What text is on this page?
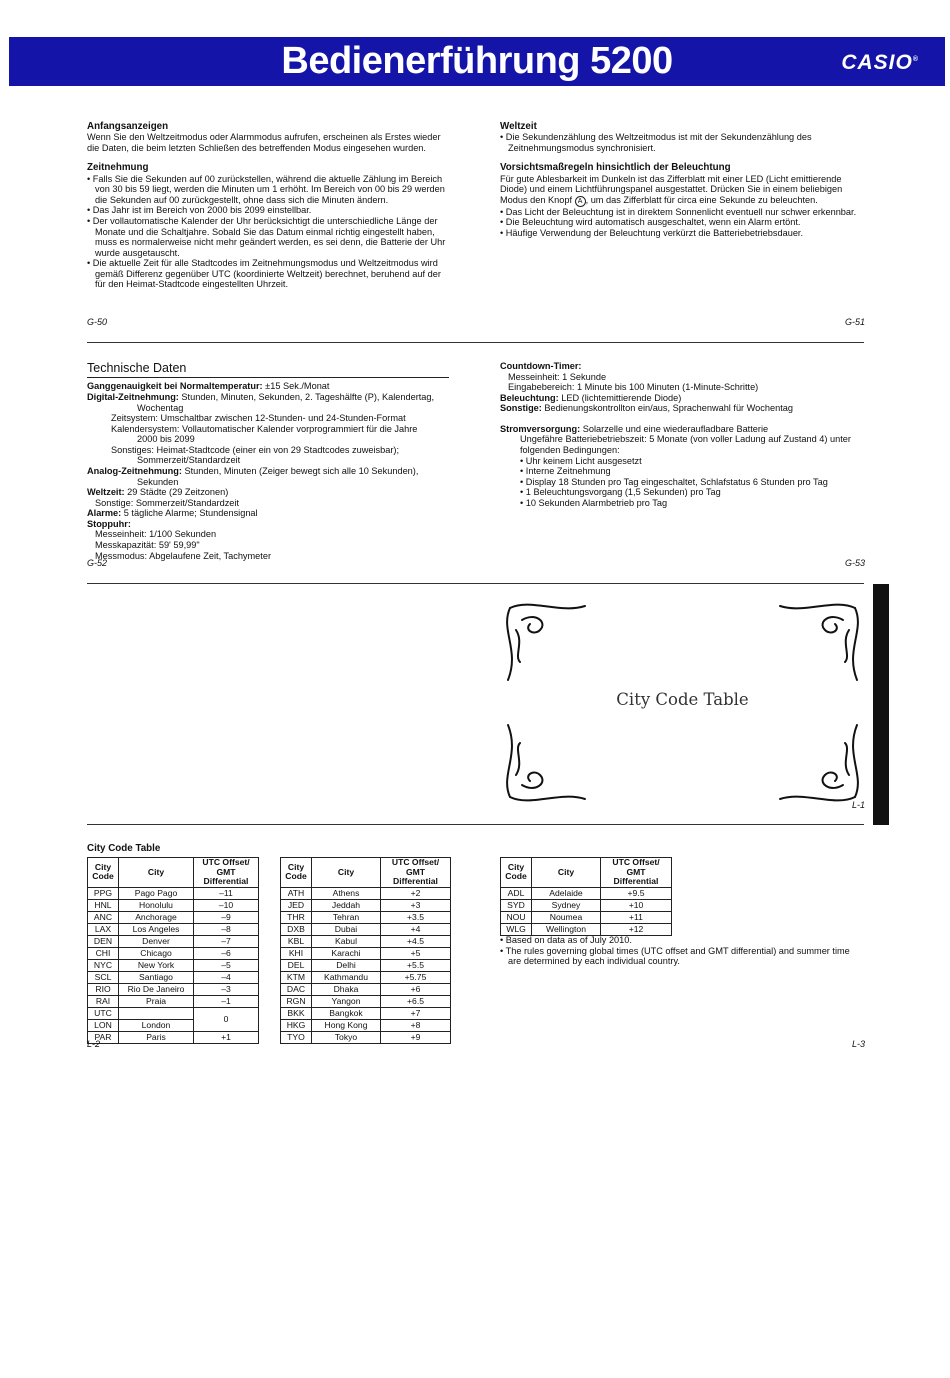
Bedienerführung 5200	CASIO®

Anfangsanzeigen

Wenn Sie den Weltzeitmodus oder Alarmmodus aufrufen, erscheinen als Erstes wieder die Daten, die beim letzten Schließen des betreffenden Modus eingesehen wurden.

Zeitnehmung

• Falls Sie die Sekunden auf 00 zurückstellen, während die aktuelle Zählung im Bereich von 30 bis 59 liegt, werden die Minuten um 1 erhöht. Im Bereich von 00 bis 29 werden die Sekunden auf 00 zurückgestellt, ohne dass sich die Minuten ändern.
• Das Jahr ist im Bereich von 2000 bis 2099 einstellbar.
• Der vollautomatische Kalender der Uhr berücksichtigt die unterschiedliche Länge der Monate und die Schaltjahre. Sobald Sie das Datum einmal richtig eingestellt haben, muss es normalerweise nicht mehr geändert werden, es sei denn, die Batterie der Uhr wurde ausgetauscht.
• Die aktuelle Zeit für alle Stadtcodes im Zeitnehmungsmodus und Weltzeitmodus wird gemäß Differenz gegenüber UTC (koordinierte Weltzeit) berechnet, beruhend auf der für den Heimat-Stadtcode eingestellten Uhrzeit.
G-50

Weltzeit

• Die Sekundenzählung des Weltzeitmodus ist mit der Sekundenzählung des Zeitnehmungsmodus synchronisiert.

Vorsichtsmaßregeln hinsichtlich der Beleuchtung

Für gute Ablesbarkeit im Dunkeln ist das Zifferblatt mit einer LED (Licht emittierende Diode) und einem Lichtführungspanel ausgestattet. Drücken Sie in einem beliebigen Modus den Knopf A , um das Zifferblatt für circa eine Sekunde zu beleuchten.

• Das Licht der Beleuchtung ist in direktem Sonnenlicht eventuell nur schwer erkennbar.
• Die Beleuchtung wird automatisch ausgeschaltet, wenn ein Alarm ertönt.
• Häufige Verwendung der Beleuchtung verkürzt die Batteriebetriebsdauer.
G-51

Technische Daten

Ganggenauigkeit bei Normaltemperatur: ±15 Sek./Monat
Digital-Zeitnehmung: Stunden, Minuten, Sekunden, 2. Tageshälfte (P), Kalendertag,
Wochentag
Zeitsystem: Umschaltbar zwischen 12-Stunden- und 24-Stunden-Format
Kalendersystem: Vollautomatischer Kalender vorprogrammiert für die Jahre
2000 bis 2099
Sonstiges: Heimat-Stadtcode (einer ein von 29 Stadtcodes zuweisbar);
Sommerzeit/Standardzeit
Analog-Zeitnehmung: Stunden, Minuten (Zeiger bewegt sich alle 10 Sekunden),
Sekunden
Weltzeit: 29 Städte (29 Zeitzonen)
Sonstige: Sommerzeit/Standardzeit
Alarme: 5 tägliche Alarme; Stundensignal
Stoppuhr:
Messeinheit: 1/100 Sekunden
Messkapazität: 59' 59,99"
Messmodus: Abgelaufene Zeit, Tachymeter
G-52
Countdown-Timer:
Messeinheit: 1 Sekunde
Eingabebereich: 1 Minute bis 100 Minuten (1-Minute-Schritte)
Beleuchtung: LED (lichtemittierende Diode)
Sonstige: Bedienungskontrollton ein/aus, Sprachenwahl für Wochentag
Stromversorgung: Solarzelle und eine wiederaufladbare Batterie
Ungefähre Batteriebetriebszeit: 5 Monate (von voller Ladung auf Zustand 4) unter
folgenden Bedingungen:
• Uhr keinem Licht ausgesetzt
• Interne Zeitnehmung
• Display 18 Stunden pro Tag eingeschaltet, Schlafstatus 6 Stunden pro Tag
• 1 Beleuchtungsvorgang (1,5 Sekunden) pro Tag
• 10 Sekunden Alarmbetrieb pro Tag
G-53
City Code Table
L-1

City Code Table

City Code	City	UTC Offset/ GMT Differential
PPG	Pago Pago	–11
HNL	Honolulu	–10
ANC	Anchorage	–9
LAX	Los Angeles	–8
DEN	Denver	–7
CHI	Chicago	–6
NYC	New York	–5
SCL	Santiago	–4
RIO	Rio De Janeiro	–3
RAI	Praia	–1
UTC		0
LON	London	
PAR	Paris	+1
City Code	City	UTC Offset/ GMT Differential
ATH	Athens	+2
JED	Jeddah	+3
THR	Tehran	+3.5
DXB	Dubai	+4
KBL	Kabul	+4.5
KHI	Karachi	+5
DEL	Delhi	+5.5
KTM	Kathmandu	+5.75
DAC	Dhaka	+6
RGN	Yangon	+6.5
BKK	Bangkok	+7
HKG	Hong Kong	+8
TYO	Tokyo	+9
L-2
City Code	City	UTC Offset/ GMT Differential
ADL	Adelaide	+9.5
SYD	Sydney	+10
NOU	Noumea	+11
WLG	Wellington	+12
• Based on data as of July 2010.
• The rules governing global times (UTC offset and GMT differential) and summer time are determined by each individual country.
L-3
